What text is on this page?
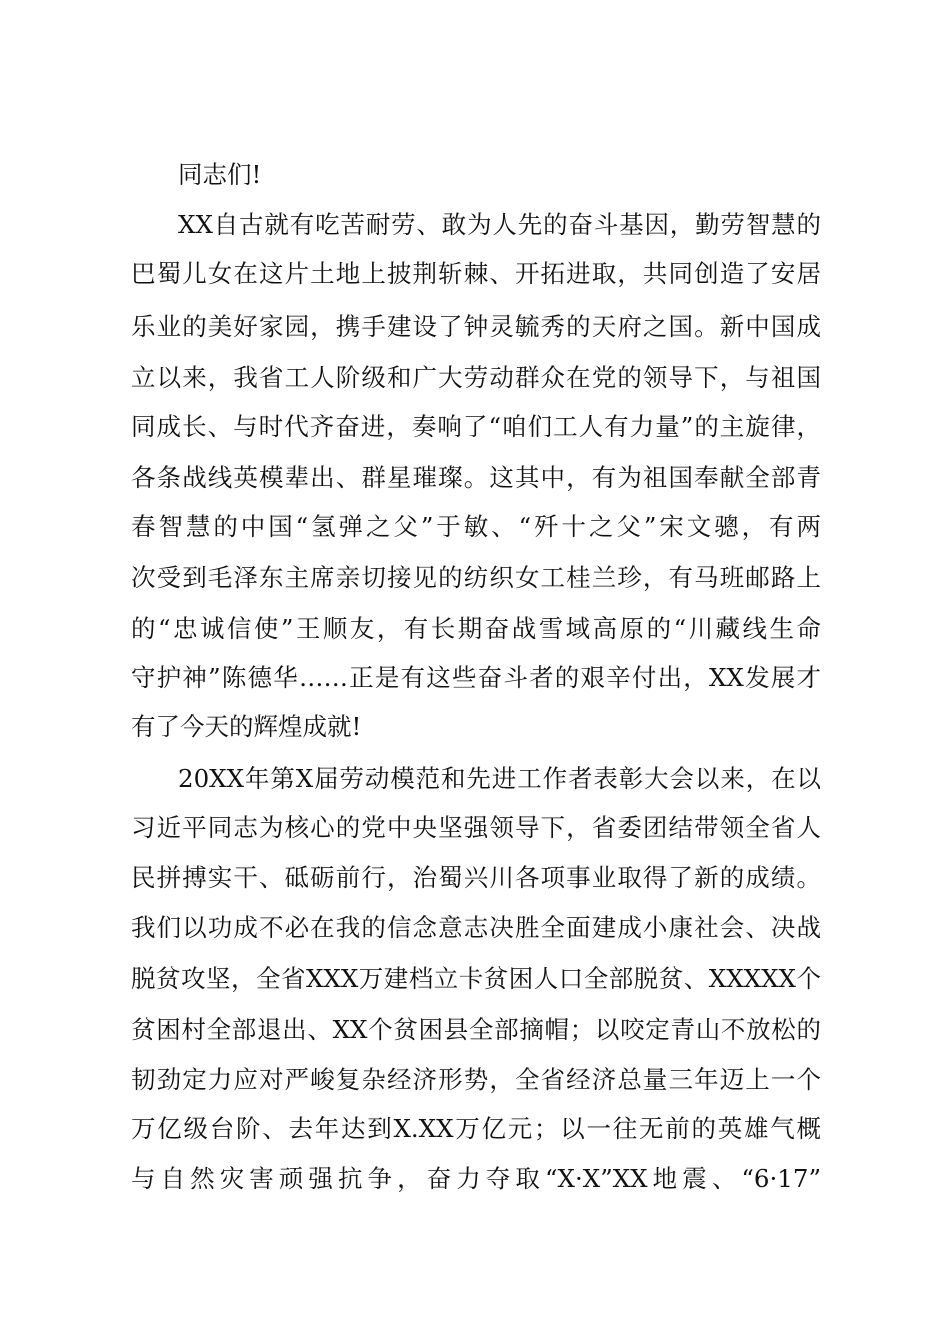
同志们!
XX自古就有吃苦耐劳、敢为人先的奋斗基因，勤劳智慧的
巴蜀儿女在这片土地上披荆斩棘、开拓进取，共同创造了安居
乐业的美好家园，携手建设了钟灵毓秀的天府之国。新中国成
立以来，我省工人阶级和广大劳动群众在党的领导下，与祖国
同成长、与时代齐奋进，奏响了“咱们工人有力量”的主旋律，
各条战线英模辈出、群星璀璨。这其中，有为祖国奉献全部青
春智慧的中国“氢弹之父”于敏、“歼十之父”宋文骢，有两
次受到毛泽东主席亲切接见的纺织女工桂兰珍，有马班邮路上
的“忠诚信使”王顺友，有长期奋战雪域高原的“川藏线生命
守护神”陈德华……正是有这些奋斗者的艰辛付出，XX发展才
有了今天的辉煌成就!
20XX年第X届劳动模范和先进工作者表彰大会以来，在以
习近平同志为核心的党中央坚强领导下，省委团结带领全省人
民拼搏实干、砥砺前行，治蜀兴川各项事业取得了新的成绩。
我们以功成不必在我的信念意志决胜全面建成小康社会、决战
脱贫攻坚，全省XXX万建档立卡贫困人口全部脱贫、XXXXX个
贫困村全部退出、XX个贫困县全部摘帽；以咬定青山不放松的
韧劲定力应对严峻复杂经济形势，全省经济总量三年迈上一个
万亿级台阶、去年达到X.XX万亿元；以一往无前的英雄气概
与自然灾害顽强抗争，奋力夺取“X·X”XX地震、“6·17”
